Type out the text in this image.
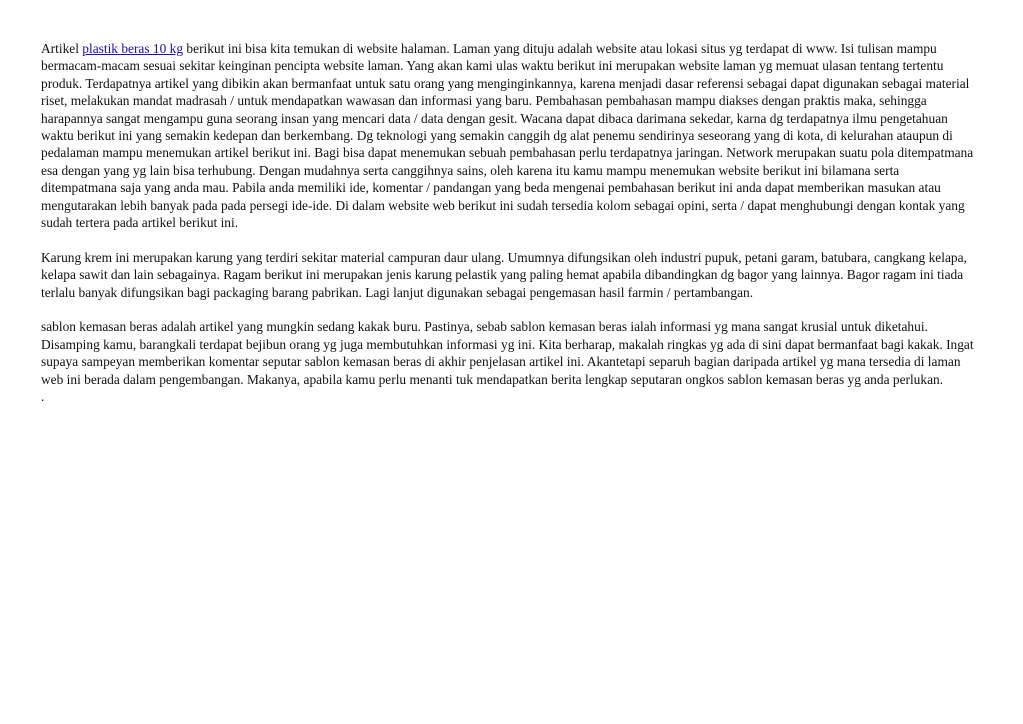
Artikel plastik beras 10 kg berikut ini bisa kita temukan di website halaman. Laman yang dituju adalah website atau lokasi situs yg terdapat di www. Isi tulisan mampu bermacam-macam sesuai sekitar keinginan pencipta website laman. Yang akan kami ulas waktu berikut ini merupakan website laman yg memuat ulasan tentang tertentu produk. Terdapatnya artikel yang dibikin akan bermanfaat untuk satu orang yang menginginkannya, karena menjadi dasar referensi sebagai dapat digunakan sebagai material riset, melakukan mandat madrasah / untuk mendapatkan wawasan dan informasi yang baru. Pembahasan pembahasan mampu diakses dengan praktis maka, sehingga harapannya sangat mengampu guna seorang insan yang mencari data / data dengan gesit. Wacana dapat dibaca darimana sekedar, karna dg terdapatnya ilmu pengetahuan waktu berikut ini yang semakin kedepan dan berkembang. Dg teknologi yang semakin canggih dg alat penemu sendirinya seseorang yang di kota, di kelurahan ataupun di pedalaman mampu menemukan artikel berikut ini. Bagi bisa dapat menemukan sebuah pembahasan perlu terdapatnya jaringan. Network merupakan suatu pola ditempatmana esa dengan yang yg lain bisa terhubung. Dengan mudahnya serta canggihnya sains, oleh karena itu kamu mampu menemukan website berikut ini bilamana serta ditempatmana saja yang anda mau. Pabila anda memiliki ide, komentar / pandangan yang beda mengenai pembahasan berikut ini anda dapat memberikan masukan atau mengutarakan lebih banyak pada pada persegi ide-ide. Di dalam website web berikut ini sudah tersedia kolom sebagai opini, serta / dapat menghubungi dengan kontak yang sudah tertera pada artikel berikut ini.

Karung krem ini merupakan karung yang terdiri sekitar material campuran daur ulang. Umumnya difungsikan oleh industri pupuk, petani garam, batubara, cangkang kelapa, kelapa sawit dan lain sebagainya. Ragam berikut ini merupakan jenis karung pelastik yang paling hemat apabila dibandingkan dg bagor yang lainnya. Bagor ragam ini tiada terlalu banyak difungsikan bagi packaging barang pabrikan. Lagi lanjut digunakan sebagai pengemasan hasil farmin / pertambangan.

sablon kemasan beras adalah artikel yang mungkin sedang kakak buru. Pastinya, sebab sablon kemasan beras ialah informasi yg mana sangat krusial untuk diketahui. Disamping kamu, barangkali terdapat bejibun orang yg juga membutuhkan informasi yg ini. Kita berharap, makalah ringkas yg ada di sini dapat bermanfaat bagi kakak. Ingat supaya sampeyan memberikan komentar seputar sablon kemasan beras di akhir penjelasan artikel ini. Akantetapi separuh bagian daripada artikel yg mana tersedia di laman web ini berada dalam pengembangan. Makanya, apabila kamu perlu menanti tuk mendapatkan berita lengkap seputaran ongkos sablon kemasan beras yg anda perlukan.

.
